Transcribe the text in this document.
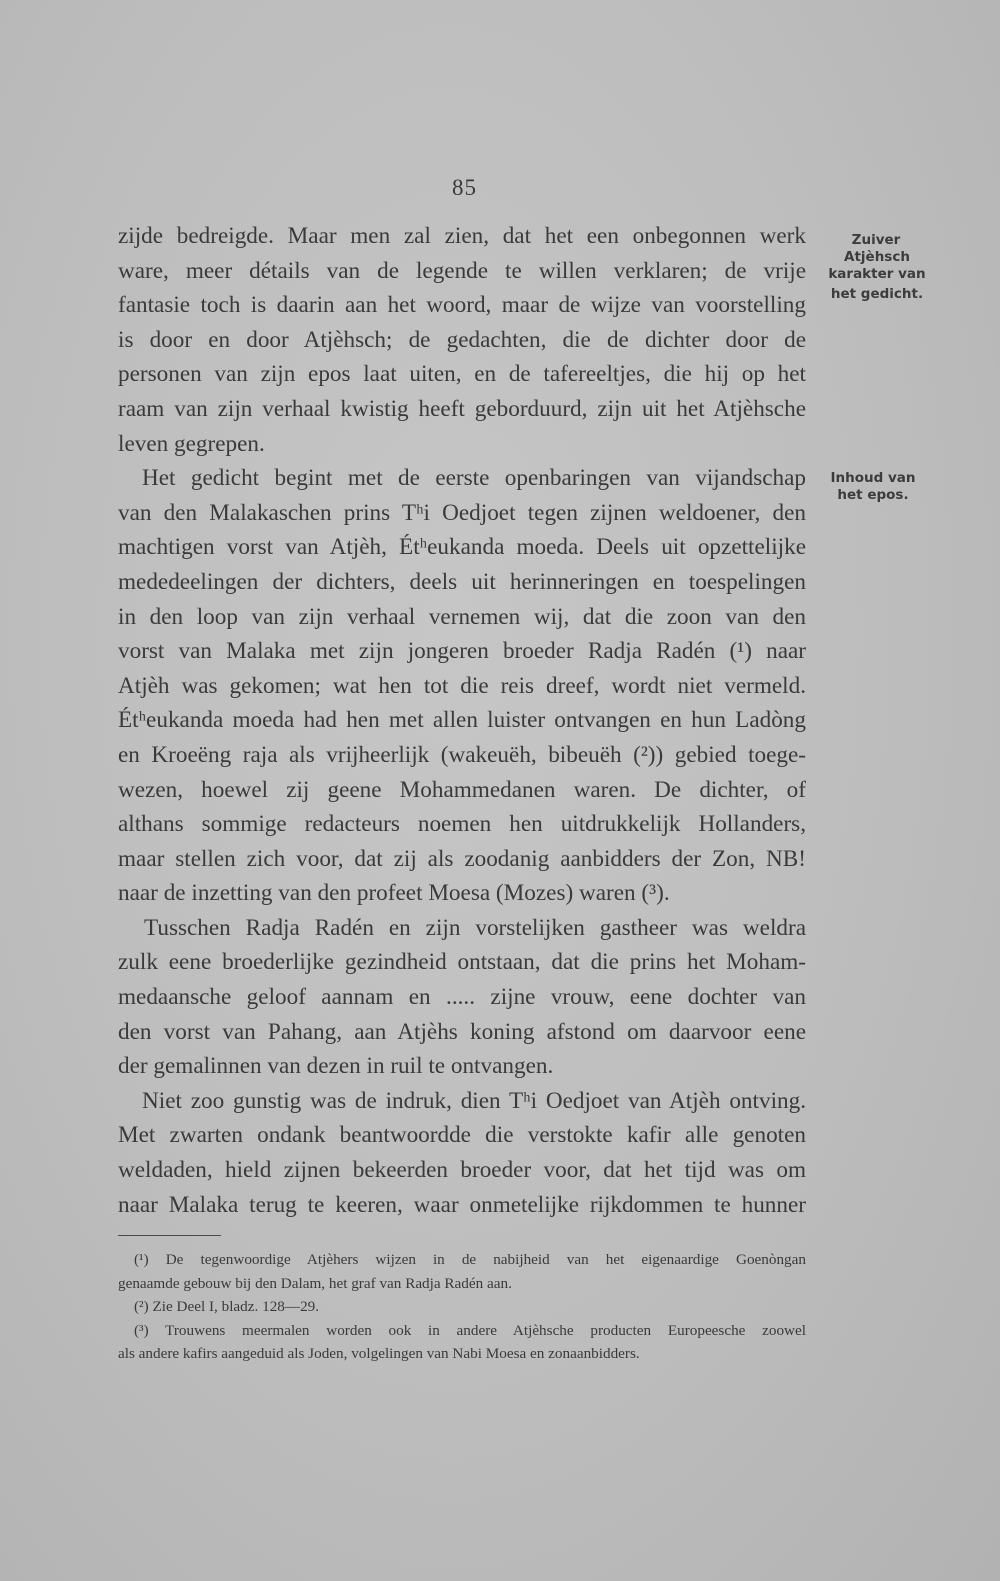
85
Zuiver
Atjèhsch
karakter van
het gedicht.
Inhoud van
het epos.
zijde bedreigde. Maar men zal zien, dat het een onbegonnen werk
ware, meer détails van de legende te willen verklaren; de vrije
fantasie toch is daarin aan het woord, maar de wijze van voorstelling
is door en door Atjèhsch; de gedachten, die de dichter door de
personen van zijn epos laat uiten, en de tafereeltjes, die hij op het
raam van zijn verhaal kwistig heeft geborduurd, zijn uit het Atjèhsche
leven gegrepen.
Het gedicht begint met de eerste openbaringen van vijandschap
van den Malakaschen prins Tʰi Oedjoet tegen zijnen weldoener, den
machtigen vorst van Atjèh, Étʰeukanda moeda. Deels uit opzettelijke
mededeelingen der dichters, deels uit herinneringen en toespelingen
in den loop van zijn verhaal vernemen wij, dat die zoon van den
vorst van Malaka met zijn jongeren broeder Radja Radén (¹) naar
Atjèh was gekomen; wat hen tot die reis dreef, wordt niet vermeld.
Étʰeukanda moeda had hen met allen luister ontvangen en hun Ladòng
en Kroeëng raja als vrijheerlijk (wakeuëh, bibeuëh (²)) gebied toege-
wezen, hoewel zij geene Mohammedanen waren. De dichter, of
althans sommige redacteurs noemen hen uitdrukkelijk Hollanders,
maar stellen zich voor, dat zij als zoodanig aanbidders der Zon, NB!
naar de inzetting van den profeet Moesa (Mozes) waren (³).
Tusschen Radja Radén en zijn vorstelijken gastheer was weldra
zulk eene broederlijke gezindheid ontstaan, dat die prins het Moham-
medaansche geloof aannam en ..... zijne vrouw, eene dochter van
den vorst van Pahang, aan Atjèhs koning afstond om daarvoor eene
der gemalinnen van dezen in ruil te ontvangen.
Niet zoo gunstig was de indruk, dien Tʰi Oedjoet van Atjèh ontving.
Met zwarten ondank beantwoordde die verstokte kafir alle genoten
weldaden, hield zijnen bekeerden broeder voor, dat het tijd was om
naar Malaka terug te keeren, waar onmetelijke rijkdommen te hunner
(¹) De tegenwoordige Atjèhers wijzen in de nabijheid van het eigenaardige Goenòngan
genaamde gebouw bij den Dalam, het graf van Radja Radén aan.
(²) Zie Deel I, bladz. 128—29.
(³) Trouwens meermalen worden ook in andere Atjèhsche producten Europeesche zoowel
als andere kafirs aangeduid als Joden, volgelingen van Nabi Moesa en zonaanbidders.
